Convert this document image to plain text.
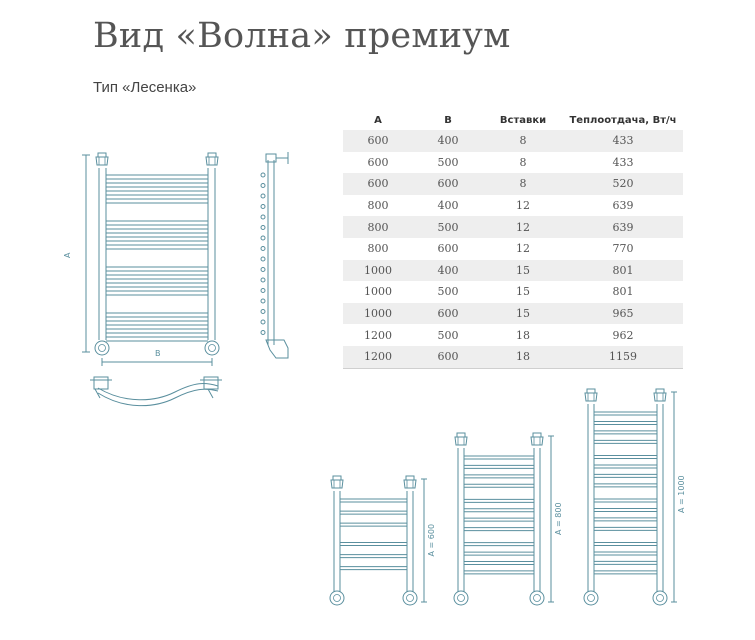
Вид «Волна» премиум
Тип «Лесенка»
A	B	Вставки	Теплоотдача, Вт/ч
600	400	8	433
600	500	8	433
600	600	8	520
800	400	12	639
800	500	12	639
800	600	12	770
1000	400	15	801
1000	500	15	801
1000	600	15	965
1200	500	18	962
1200	600	18	1159
A
B
A = 600
A = 800
A = 1000
